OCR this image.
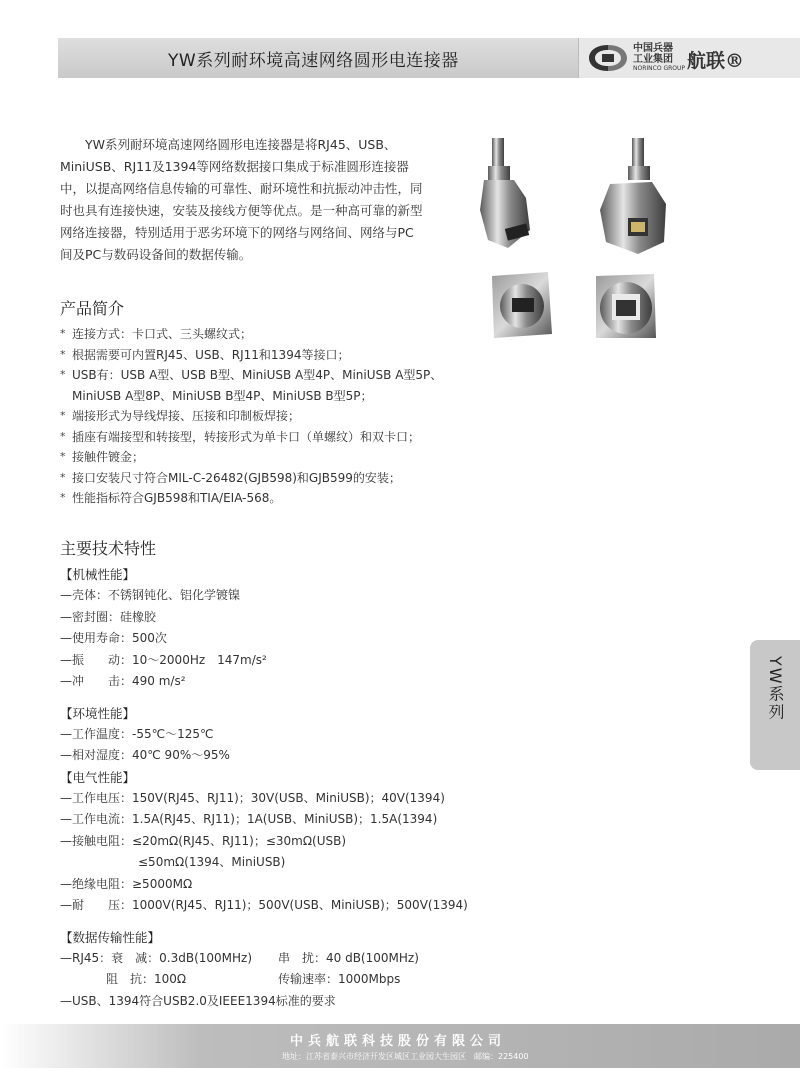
YW系列耐环境高速网络圆形电连接器
中国兵器
工业集团
NORINCO GROUP 航联®

YW系列耐环境高速网络圆形电连接器是将RJ45、USB、MiniUSB、RJ11及1394等网络数据接口集成于标准圆形连接器中，以提高网络信息传输的可靠性、耐环境性和抗振动冲击性，同时也具有连接快速，安装及接线方便等优点。是一种高可靠的新型网络连接器，特别适用于恶劣环境下的网络与网络间、网络与PC间及PC与数码设备间的数据传输。

产品简介
* 连接方式：卡口式、三头螺纹式；
* 根据需要可内置RJ45、USB、RJ11和1394等接口；
* USB有：USB A型、USB B型、MiniUSB A型4P、MiniUSB A型5P、MiniUSB A型8P、MiniUSB B型4P、MiniUSB B型5P；
* 端接形式为导线焊接、压接和印制板焊接；
* 插座有端接型和转接型，转接形式为单卡口（单螺纹）和双卡口；
* 接触件镀金；
* 接口安装尺寸符合MIL-C-26482(GJB598)和GJB599的安装；
* 性能指标符合GJB598和TIA/EIA-568。
主要技术特性
【机械性能】
—壳体：不锈钢钝化、铝化学镀镍
—密封圈：硅橡胶
—使用寿命：500次
—振　　动：10～2000Hz　147m/s²
—冲　　击：490 m/s²
【环境性能】
—工作温度：-55℃～125℃
—相对湿度：40℃ 90%～95%
【电气性能】
—工作电压：150V(RJ45、RJ11)；30V(USB、MiniUSB)；40V(1394)
—工作电流：1.5A(RJ45、RJ11)；1A(USB、MiniUSB)；1.5A(1394)
—接触电阻：≤20mΩ(RJ45、RJ11)；≤30mΩ(USB)
≤50mΩ(1394、MiniUSB)
—绝缘电阻：≥5000MΩ
—耐　　压：1000V(RJ45、RJ11)；500V(USB、MiniUSB)；500V(1394)
【数据传输性能】
—RJ45：衰　减：0.3dB(100MHz) 串　扰：40 dB(100MHz)
阻　抗：100Ω	传输速率：1000Mbps
—USB、1394符合USB2.0及IEEE1394标准的要求
YW系列
中兵航联科技股份有限公司
地址：江苏省泰兴市经济开发区城区工业园大生园区　邮编：225400
